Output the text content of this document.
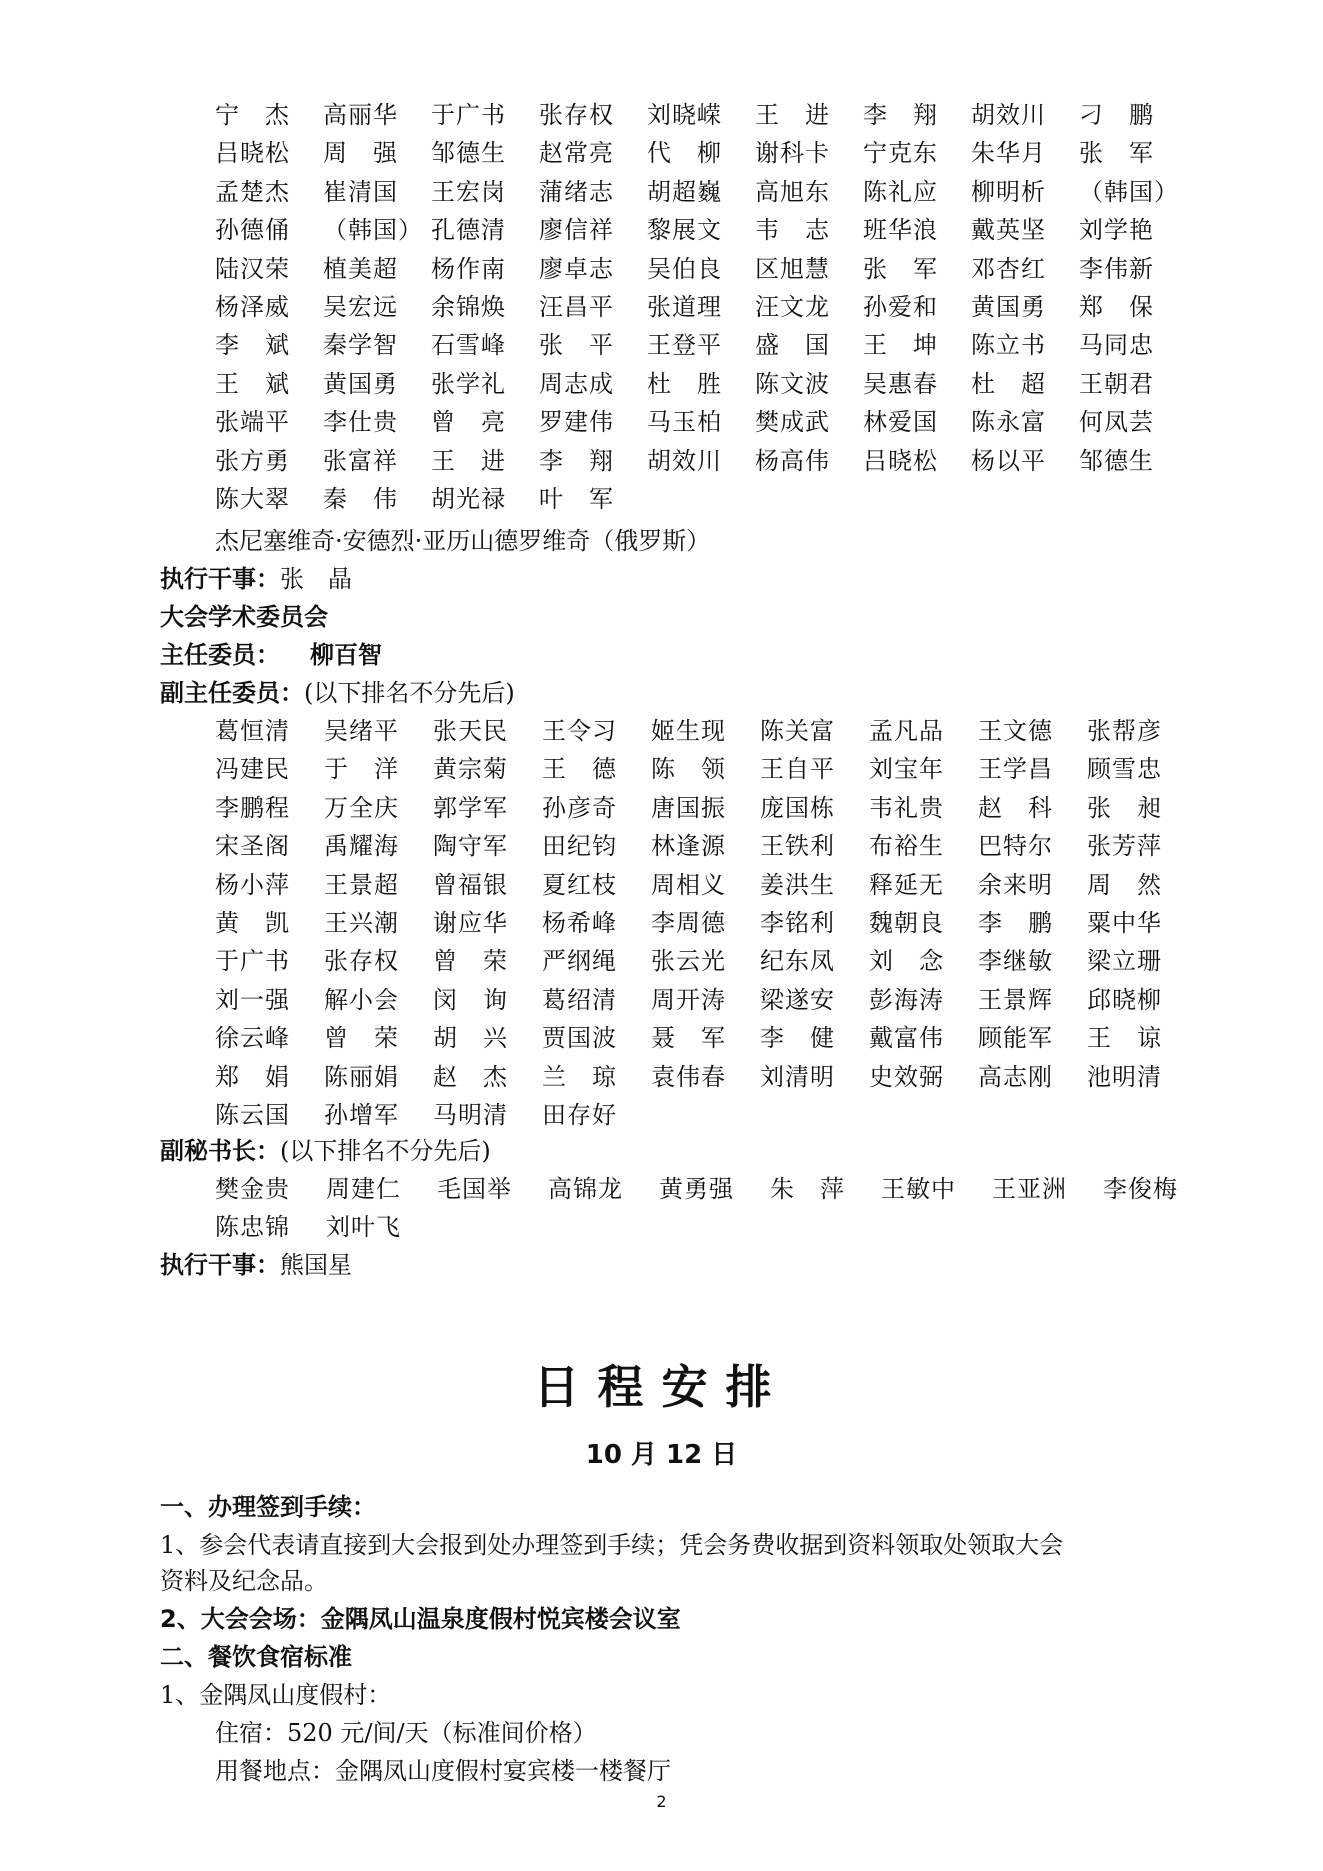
宁　杰 高丽华 于广书 张存权 刘晓嵘 王　进 李　翔 胡效川 刁　鹏
吕晓松 周　强 邹德生 赵常亮 代　柳 谢科卡 宁克东 朱华月 张　军
孟楚杰 崔清国 王宏岗 蒲绪志 胡超巍 高旭东 陈礼应 柳明析 （韩国）
孙德俑 （韩国） 孔德清 廖信祥 黎展文 韦　志 班华浪 戴英坚 刘学艳
陆汉荣 植美超 杨作南 廖卓志 吴伯良 区旭慧 张　军 邓杏红 李伟新
杨泽威 吴宏远 余锦焕 汪昌平 张道理 汪文龙 孙爱和 黄国勇 郑　保
李　斌 秦学智 石雪峰 张　平 王登平 盛　国 王　坤 陈立书 马同忠
王　斌 黄国勇 张学礼 周志成 杜　胜 陈文波 吴惠春 杜　超 王朝君
张端平 李仕贵 曾　亮 罗建伟 马玉柏 樊成武 林爱国 陈永富 何凤芸
张方勇 张富祥 王　进 李　翔 胡效川 杨高伟 吕晓松 杨以平 邹德生
陈大翠 秦　伟 胡光禄 叶　军
杰尼塞维奇·安德烈·亚历山德罗维奇（俄罗斯）
执行干事：张　晶
大会学术委员会
主任委员： 柳百智
副主任委员：(以下排名不分先后)
葛恒清 吴绪平 张天民 王令习 姬生现 陈关富 孟凡品 王文德 张帮彦
冯建民 于　洋 黄宗菊 王　德 陈　领 王自平 刘宝年 王学昌 顾雪忠
李鹏程 万全庆 郭学军 孙彦奇 唐国振 庞国栋 韦礼贵 赵　科 张　昶
宋圣阁 禹耀海 陶守军 田纪钧 林逢源 王铁利 布裕生 巴特尔 张芳萍
杨小萍 王景超 曾福银 夏红枝 周相义 姜洪生 释延无 余来明 周　然
黄　凯 王兴潮 谢应华 杨希峰 李周德 李铭利 魏朝良 李　鹏 粟中华
于广书 张存权 曾　荣 严纲绳 张云光 纪东凤 刘　念 李继敏 梁立珊
刘一强 解小会 闵　询 葛绍清 周开涛 梁遂安 彭海涛 王景辉 邱晓柳
徐云峰 曾　荣 胡　兴 贾国波 聂　军 李　健 戴富伟 顾能军 王　谅
郑　娟 陈丽娟 赵　杰 兰　琼 袁伟春 刘清明 史效弼 高志刚 池明清
陈云国 孙增军 马明清 田存好
副秘书长：(以下排名不分先后)
樊金贵 周建仁 毛国举 高锦龙 黄勇强 朱　萍 王敏中 王亚洲 李俊梅
陈忠锦 刘叶飞
执行干事：熊国星
日程安排
10 月 12 日
一、办理签到手续：
1、参会代表请直接到大会报到处办理签到手续；凭会务费收据到资料领取处领取大会
资料及纪念品。
2、大会会场：金隅凤山温泉度假村悦宾楼会议室
二、餐饮食宿标准
1、金隅凤山度假村：
住宿：520 元/间/天（标准间价格）
用餐地点：金隅凤山度假村宴宾楼一楼餐厅
2
